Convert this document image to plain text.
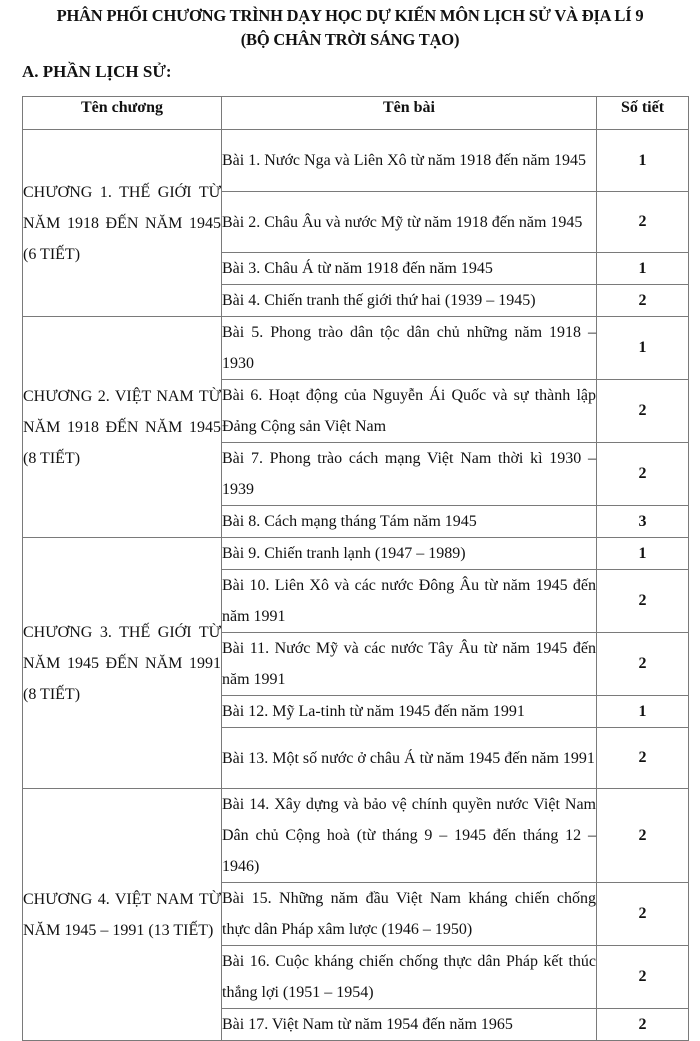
PHÂN PHỐI CHƯƠNG TRÌNH DẠY HỌC DỰ KIẾN MÔN LỊCH SỬ VÀ ĐỊA LÍ 9
(BỘ CHÂN TRỜI SÁNG TẠO)
A. PHẦN LỊCH SỬ:
Tên chương	Tên bài	Số tiết
CHƯƠNG 1. THẾ GIỚI TỪ NĂM 1918 ĐẾN NĂM 1945 (6 TIẾT)	Bài 1. Nước Nga và Liên Xô từ năm 1918 đến năm 1945	1
	Bài 2. Châu Âu và nước Mỹ từ năm 1918 đến năm 1945	2
	Bài 3. Châu Á từ năm 1918 đến năm 1945	1
	Bài 4. Chiến tranh thế giới thứ hai (1939 – 1945)	2
CHƯƠNG 2. VIỆT NAM TỪ NĂM 1918 ĐẾN NĂM 1945 (8 TIẾT)	Bài 5. Phong trào dân tộc dân chủ những năm 1918 – 1930	1
	Bài 6. Hoạt động của Nguyễn Ái Quốc và sự thành lập Đảng Cộng sản Việt Nam	2
	Bài 7. Phong trào cách mạng Việt Nam thời kì 1930 – 1939	2
	Bài 8. Cách mạng tháng Tám năm 1945	3
CHƯƠNG 3. THẾ GIỚI TỪ NĂM 1945 ĐẾN NĂM 1991 (8 TIẾT)	Bài 9. Chiến tranh lạnh (1947 – 1989)	1
	Bài 10. Liên Xô và các nước Đông Âu từ năm 1945 đến năm 1991	2
	Bài 11. Nước Mỹ và các nước Tây Âu từ năm 1945 đến năm 1991	2
	Bài 12. Mỹ La-tinh từ năm 1945 đến năm 1991	1
	Bài 13. Một số nước ở châu Á từ năm 1945 đến năm 1991	2
CHƯƠNG 4. VIỆT NAM TỪ NĂM 1945 – 1991 (13 TIẾT)	Bài 14. Xây dựng và bảo vệ chính quyền nước Việt Nam Dân chủ Cộng hoà (từ tháng 9 – 1945 đến tháng 12 – 1946)	2
	Bài 15. Những năm đầu Việt Nam kháng chiến chống thực dân Pháp xâm lược (1946 – 1950)	2
	Bài 16. Cuộc kháng chiến chống thực dân Pháp kết thúc thắng lợi (1951 – 1954)	2
	Bài 17. Việt Nam từ năm 1954 đến năm 1965	2
